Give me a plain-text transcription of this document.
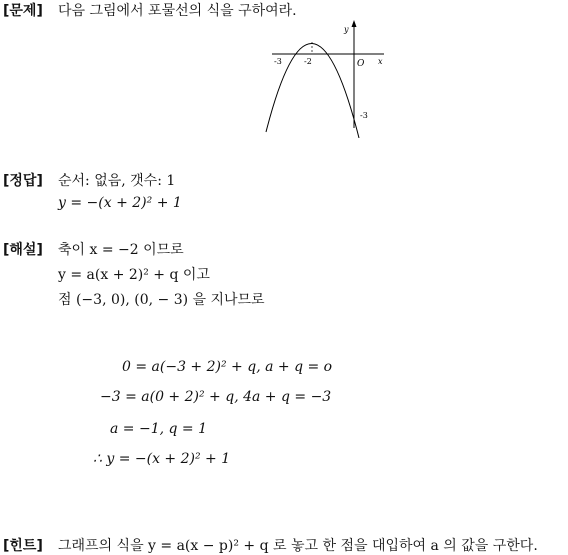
[문제] 다음 그림에서 포물선의 식을 구하여라.
y
x
-3	-2	O
-3
[정답] 순서: 없음, 갯수: 1
y = −(x + 2)² + 1
[해설] 축이 x = −2 이므로
y = a(x + 2)² + q 이고
점 (−3, 0), (0, − 3) 을 지나므로
0 = a(−3 + 2)² + q, a + q = o
−3 = a(0 + 2)² + q, 4a + q = −3
a = −1, q = 1
∴ y = −(x + 2)² + 1
[힌트] 그래프의 식을 y = a(x − p)² + q 로 놓고 한 점을 대입하여 a 의 값을 구한다.
